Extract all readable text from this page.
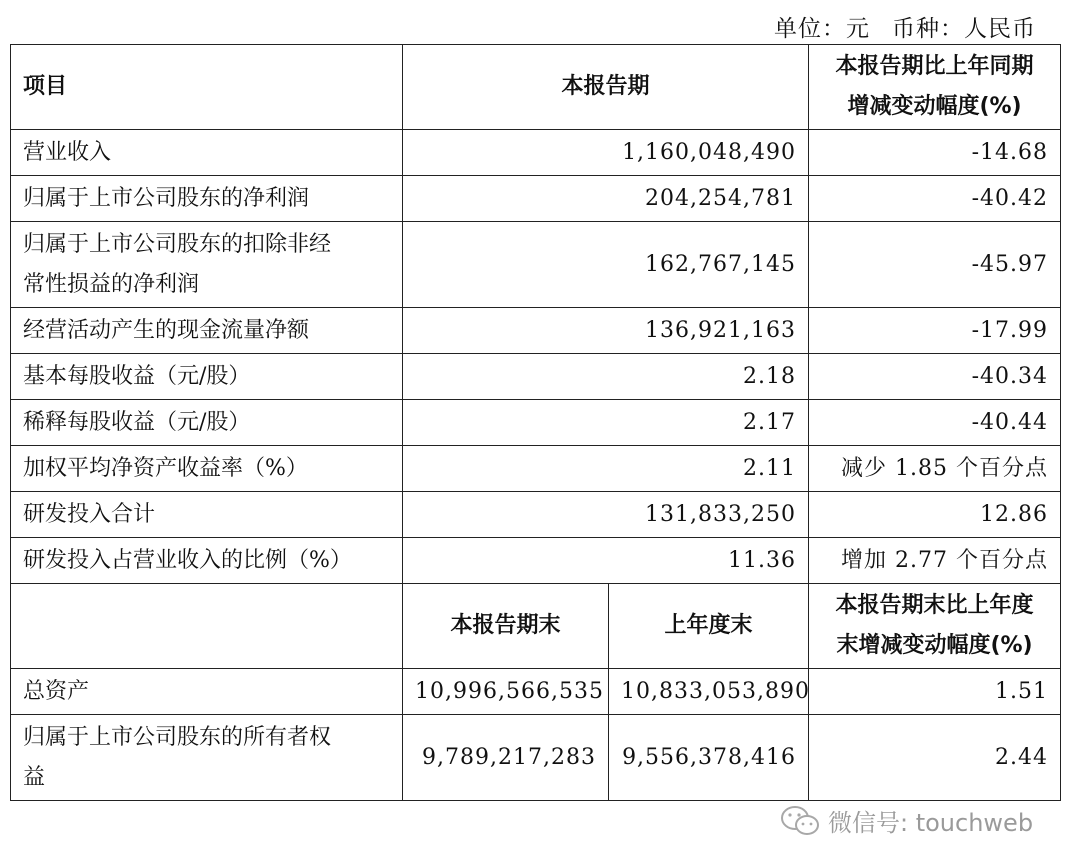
单位：元 币种：人民币
项目	本报告期		本报告期比上年同期
增减变动幅度(%)

营业收入	1,160,048,490		-14.68
归属于上市公司股东的净利润	204,254,781		-40.42

归属于上市公司股东的扣除非经
常性损益的净利润	162,767,145		-45.97
经营活动产生的现金流量净额	136,921,163		-17.99
基本每股收益（元/股）	2.18		-40.34
稀释每股收益（元/股）	2.17		-40.44
加权平均净资产收益率（%）	2.11		减少 1.85 个百分点
研发投入合计	131,833,250		12.86
研发投入占营业收入的比例（%）	11.36		增加 2.77 个百分点
	本报告期末	上年度末	本报告期末比上年度
末增减变动幅度(%)

总资产	10,996,566,535	10,833,053,890	1.51

归属于上市公司股东的所有者权
益	9,789,217,283	9,556,378,416	2.44
微信号: touchweb
